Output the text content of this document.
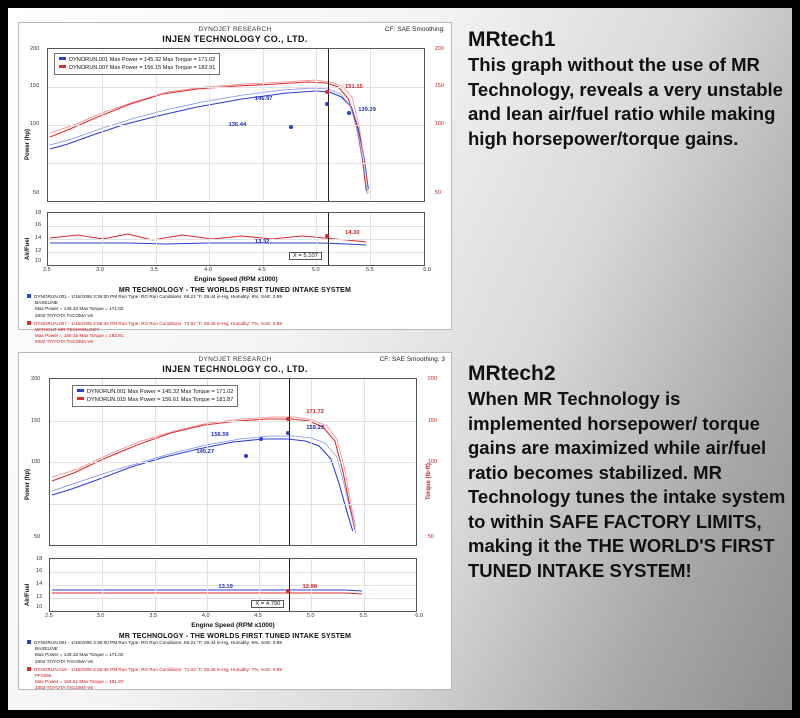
CF: SAE Smoothing:
DYNOJET RESEARCH
INJEN TECHNOLOGY CO., LTD.
DYNORUN.001 Max Power = 145.32 Max Torque = 171.02
DYNORUN.007 Max Power = 156.15 Max Torque = 182.91
151.15
146.97
139.29
135.44
Power (hp)
200
150
100
50
200
150
100
50
14.30
13.32
Air/Fuel
18
16
14
12
10
X = 5.107
2.5	3.0	3.5	4.0	4.5	5.0	5.5	6.0
Engine Speed (RPM x1000)
MR TECHNOLOGY - THE WORLDS FIRST TUNED INTAKE SYSTEM
DYNORUN.001 - 1/16/2006 3:36:00 PM Run Type: RO Run Conditions: 69.21 °F, 29.44 in-Hg, Humidity: 9%, SAE: 0.99
BASELINE
Max Power = 145.32 Max Torque = 171.02
2002 TOYOTA TACOMA V6
DYNORUN.007 - 1/16/2006 4:08:44 PM Run Type: RO Run Conditions: 72.92 °F, 29.45 in-Hg, Humidity: 7%, SAE: 0.99
WITHOUT MR TECHNOLOGY
Max Power = 156.15 Max Torque = 182.91
2002 TOYOTA TACOMA V6
CF: SAE Smoothing: 3
DYNOJET RESEARCH
INJEN TECHNOLOGY CO., LTD.
DYNORUN.001 Max Power = 145.32 Max Torque = 171.02
DYNORUN.015 Max Power = 156.61 Max Torque = 181.87
171.72
159.29
156.59
145.27
Power (hp)	Torque (lb-ft)
200
150
100
50
200
150
100
50
12.98
13.19
Air/Fuel
18
16
14
12
10	X = 4.790
2.5	3.0	3.5	4.0	4.5	5.0	5.5	6.0
Engine Speed (RPM x1000)
MR TECHNOLOGY - THE WORLDS FIRST TUNED INTAKE SYSTEM
DYNORUN.001 - 1/16/2006 3:36:00 PM Run Type: RO Run Conditions: 69.21 °F, 29.44 in-Hg, Humidity: 9%, SAE: 0.99
BASELINE
Max Power = 145.32 Max Torque = 171.02
2002 TOYOTA TACOMA V6
DYNORUN.015 - 1/16/2006 5:26:45 PM Run Type: RO Run Conditions: 71.03 °F, 29.45 in-Hg, Humidity: 7%, SAE: 0.99
PF2055
Max Power = 156.61 Max Torque = 181.87
2002 TOYOTA TACOMA V6

MRtech1

This graph without the use of MR Technology, reveals a very unstable and lean air/fuel ratio while making high horsepower/torque gains.

MRtech2

When MR Technology is implemented horsepower/ torque gains are maximized while air/fuel ratio becomes stabilized. MR Technology tunes the intake system to within SAFE FACTORY LIMITS, making it the THE WORLD'S FIRST TUNED INTAKE SYSTEM!
